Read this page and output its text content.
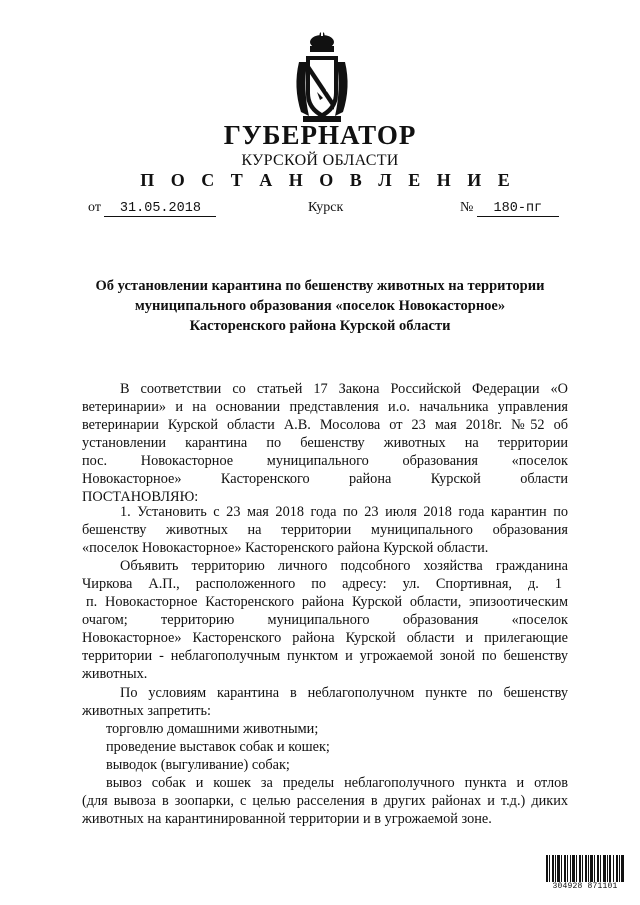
ГУБЕРНАТОР
КУРСКОЙ ОБЛАСТИ
П О С Т А Н О В Л Е Н И Е
от 31.05.2018	Курск	№ 180-пг
Об установлении карантина по бешенству животных на территории
муниципального образования «поселок Новокасторное»
Касторенского района Курской области
В соответствии со статьей 17 Закона Российской Федерации «О
ветеринарии» и на основании представления и.о. начальника управления
ветеринарии Курской области А.В. Мосолова от 23 мая 2018г. №52 об
установлении карантина по бешенству животных на территории
пос. Новокасторное муниципального образования «поселок
Новокасторное» Касторенского района Курской области
ПОСТАНОВЛЯЮ:
1. Установить с 23 мая 2018 года по 23 июля 2018 года карантин по
бешенству животных на территории муниципального образования
«поселок Новокасторное» Касторенского района Курской области.
Объявить территорию личного подсобного хозяйства гражданина
Чиркова А.П., расположенного по адресу: ул. Спортивная, д. 1
п. Новокасторное Касторенского района Курской области, эпизоотическим
очагом; территорию муниципального образования «поселок
Новокасторное» Касторенского района Курской области и прилегающие
территории - неблагополучным пунктом и угрожаемой зоной по бешенству
животных.
По условиям карантина в неблагополучном пункте по бешенству
животных запретить:
торговлю домашними животными;
проведение выставок собак и кошек;
выводок (выгуливание) собак;
вывоз собак и кошек за пределы неблагополучного пункта и отлов
(для вывоза в зоопарки, с целью расселения в других районах и т.д.) диких
животных на карантинированной территории и в угрожаемой зоне.
304928 871101
